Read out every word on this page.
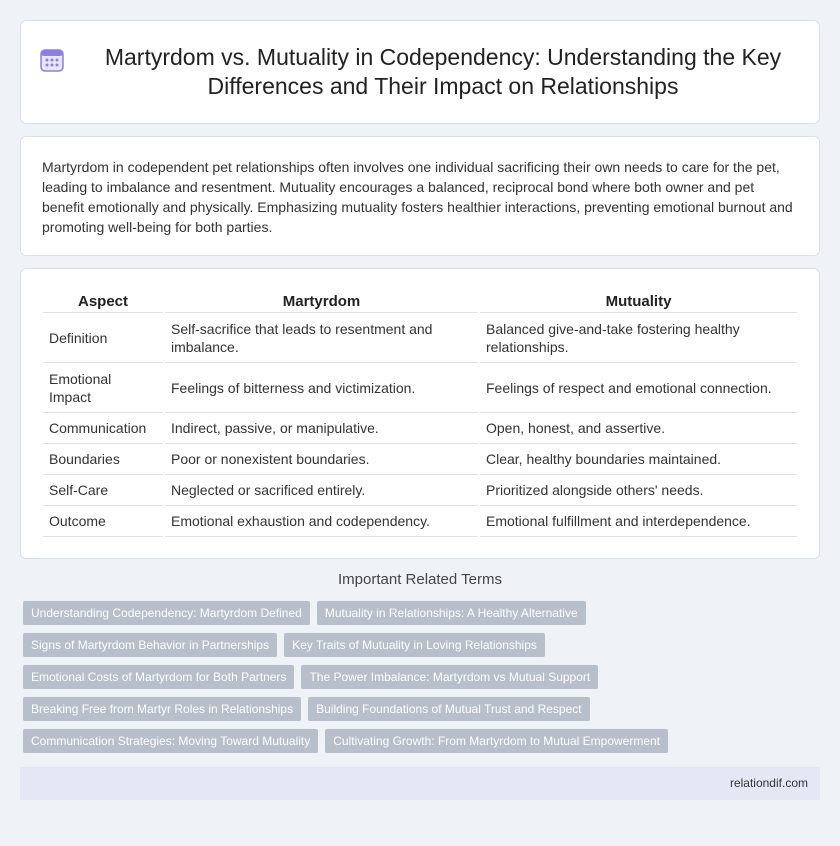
Martyrdom vs. Mutuality in Codependency: Understanding the Key Differences and Their Impact on Relationships

Martyrdom in codependent pet relationships often involves one individual sacrificing their own needs to care for the pet, leading to imbalance and resentment. Mutuality encourages a balanced, reciprocal bond where both owner and pet benefit emotionally and physically. Emphasizing mutuality fosters healthier interactions, preventing emotional burnout and promoting well-being for both parties.

Aspect	Martyrdom	Mutuality
Definition	Self-sacrifice that leads to resentment and imbalance.	Balanced give-and-take fostering healthy relationships.
Emotional Impact	Feelings of bitterness and victimization.	Feelings of respect and emotional connection.
Communication	Indirect, passive, or manipulative.	Open, honest, and assertive.
Boundaries	Poor or nonexistent boundaries.	Clear, healthy boundaries maintained.
Self-Care	Neglected or sacrificed entirely.	Prioritized alongside others' needs.
Outcome	Emotional exhaustion and codependency.	Emotional fulfillment and interdependence.
Important Related Terms
Understanding Codependency: Martyrdom Defined	Mutuality in Relationships: A Healthy Alternative
Signs of Martyrdom Behavior in Partnerships	Key Traits of Mutuality in Loving Relationships
Emotional Costs of Martyrdom for Both Partners	The Power Imbalance: Martyrdom vs Mutual Support
Breaking Free from Martyr Roles in Relationships	Building Foundations of Mutual Trust and Respect
Communication Strategies: Moving Toward Mutuality	Cultivating Growth: From Martyrdom to Mutual Empowerment
relationdif.com
